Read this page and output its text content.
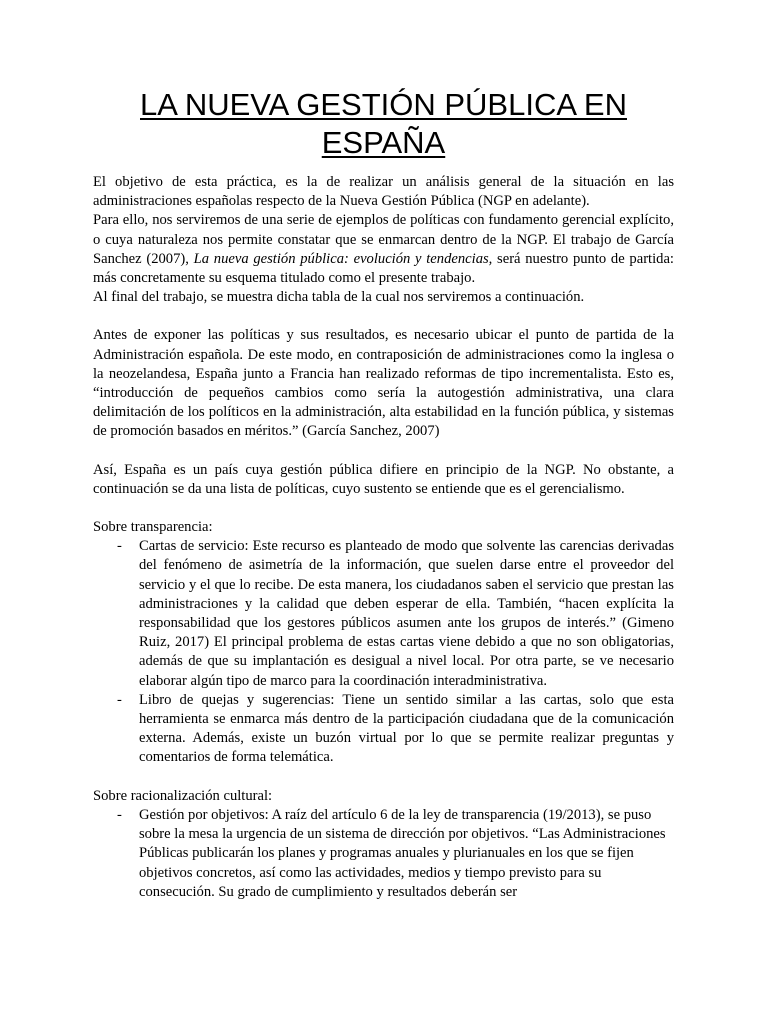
LA NUEVA GESTIÓN PÚBLICA EN ESPAÑA

El objetivo de esta práctica, es la de realizar un análisis general de la situación en las administraciones españolas respecto de la Nueva Gestión Pública (NGP en adelante).

Para ello, nos serviremos de una serie de ejemplos de políticas con fundamento gerencial explícito, o cuya naturaleza nos permite constatar que se enmarcan dentro de la NGP. El trabajo de García Sanchez (2007), La nueva gestión pública: evolución y tendencias, será nuestro punto de partida: más concretamente su esquema titulado como el presente trabajo.

Al final del trabajo, se muestra dicha tabla de la cual nos serviremos a continuación.

Antes de exponer las políticas y sus resultados, es necesario ubicar el punto de partida de la Administración española. De este modo, en contraposición de administraciones como la inglesa o la neozelandesa, España junto a Francia han realizado reformas de tipo incrementalista. Esto es, “introducción de pequeños cambios como sería la autogestión administrativa, una clara delimitación de los políticos en la administración, alta estabilidad en la función pública, y sistemas de promoción basados en méritos.” (García Sanchez, 2007)

Así, España es un país cuya gestión pública difiere en principio de la NGP. No obstante, a continuación se da una lista de políticas, cuyo sustento se entiende que es el gerencialismo.

Sobre transparencia:

- Cartas de servicio: Este recurso es planteado de modo que solvente las carencias derivadas del fenómeno de asimetría de la información, que suelen darse entre el proveedor del servicio y el que lo recibe. De esta manera, los ciudadanos saben el servicio que prestan las administraciones y la calidad que deben esperar de ella. También, “hacen explícita la responsabilidad que los gestores públicos asumen ante los grupos de interés.” (Gimeno Ruiz, 2017) El principal problema de estas cartas viene debido a que no son obligatorias, además de que su implantación es desigual a nivel local. Por otra parte, se ve necesario elaborar algún tipo de marco para la coordinación interadministrativa.
- Libro de quejas y sugerencias: Tiene un sentido similar a las cartas, solo que esta herramienta se enmarca más dentro de la participación ciudadana que de la comunicación externa. Además, existe un buzón virtual por lo que se permite realizar preguntas y comentarios de forma telemática.

Sobre racionalización cultural:

- Gestión por objetivos: A raíz del artículo 6 de la ley de transparencia (19/2013), se puso sobre la mesa la urgencia de un sistema de dirección por objetivos. “Las Administraciones Públicas publicarán los planes y programas anuales y plurianuales en los que se fijen objetivos concretos, así como las actividades, medios y tiempo previsto para su consecución. Su grado de cumplimiento y resultados deberán ser
